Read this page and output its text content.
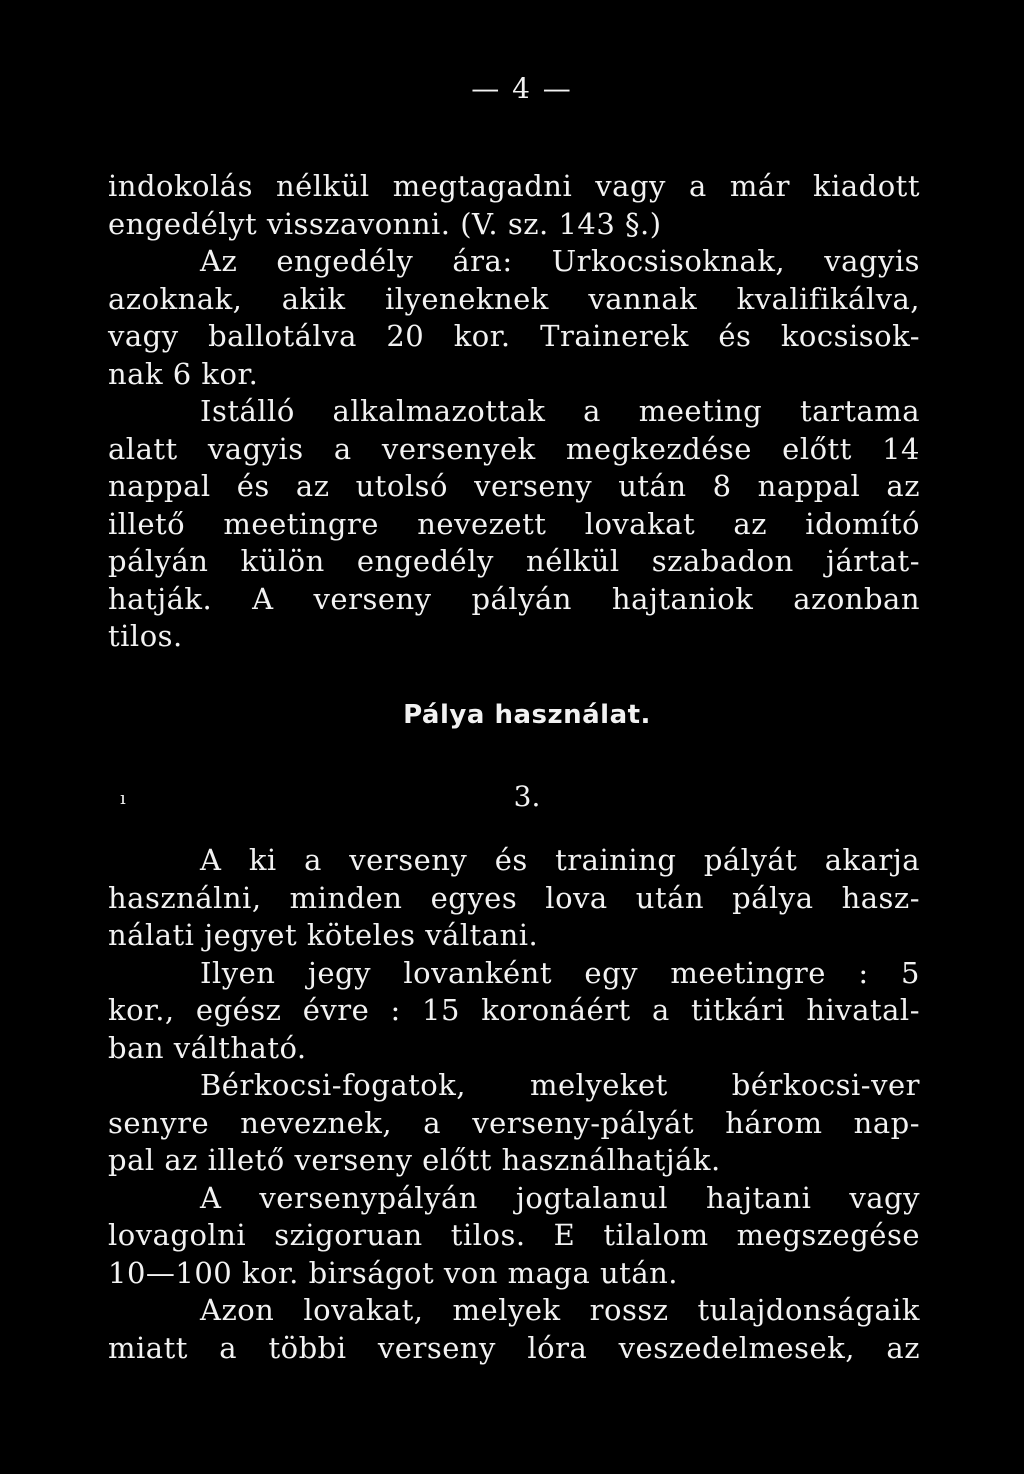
— 4 —
indokolás nélkül megtagadni vagy a már kiadott
engedélyt visszavonni. (V. sz. 143 §.)
Az engedély ára: Urkocsisoknak, vagyis
azoknak, akik ilyeneknek vannak kvalifikálva,
vagy ballotálva 20 kor. Trainerek és kocsisok-
nak 6 kor.
Istálló alkalmazottak a meeting tartama
alatt vagyis a versenyek megkezdése előtt 14
nappal és az utolsó verseny után 8 nappal az
illető meetingre nevezett lovakat az idomító
pályán külön engedély nélkül szabadon jártat-
hatják. A verseny pályán hajtaniok azonban
tilos.
Pálya használat.
ı	3.
A ki a verseny és training pályát akarja
használni, minden egyes lova után pálya hasz-
nálati jegyet köteles váltani.
Ilyen jegy lovanként egy meetingre : 5
kor., egész évre : 15 koronáért a titkári hivatal-
ban váltható.
Bérkocsi-fogatok, melyeket bérkocsi-ver
senyre neveznek, a verseny-pályát három nap-
pal az illető verseny előtt használhatják.
A versenypályán jogtalanul hajtani vagy
lovagolni szigoruan tilos. E tilalom megszegése
10—100 kor. birságot von maga után.
Azon lovakat, melyek rossz tulajdonságaik
miatt a többi verseny lóra veszedelmesek, az
